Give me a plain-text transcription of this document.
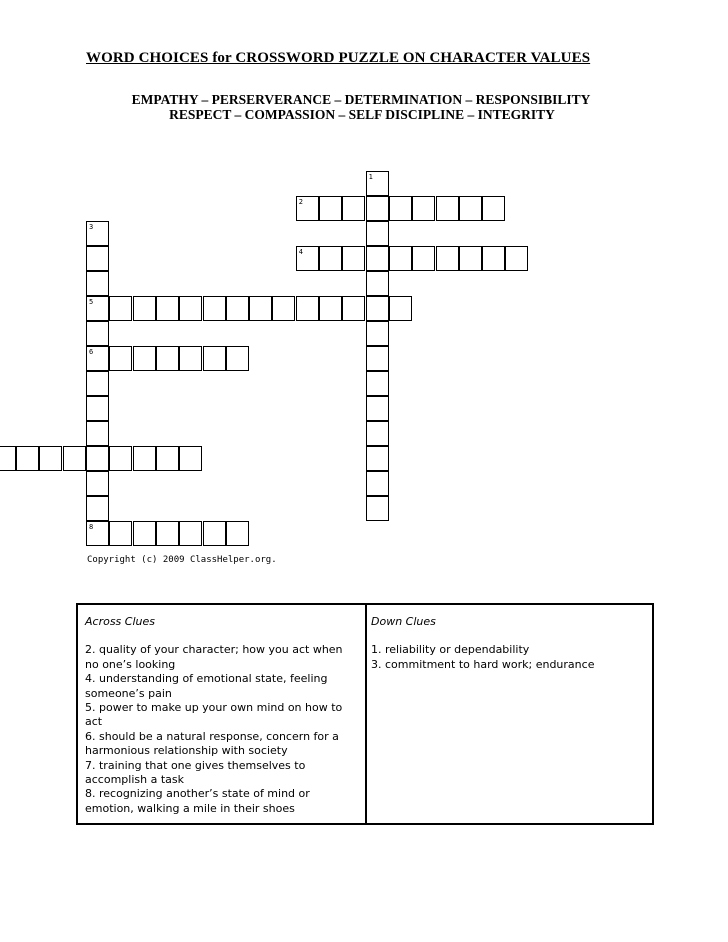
WORD CHOICES for CROSSWORD PUZZLE ON CHARACTER VALUES
EMPATHY – PERSERVERANCE – DETERMINATION – RESPONSIBILITY
RESPECT – COMPASSION – SELF DISCIPLINE – INTEGRITY
1
2
3
5
6
8
4
Copyright (c) 2009 ClassHelper.org.
Across Clues

2. quality of your character; how you act when no one’s looking

4. understanding of emotional state, feeling someone’s pain

5. power to make up your own mind on how to act

6. should be a natural response, concern for a harmonious relationship with society

7. training that one gives themselves to accomplish a task

8. recognizing another’s state of mind or emotion, walking a mile in their shoes

Down Clues

1. reliability or dependability

3. commitment to hard work; endurance
